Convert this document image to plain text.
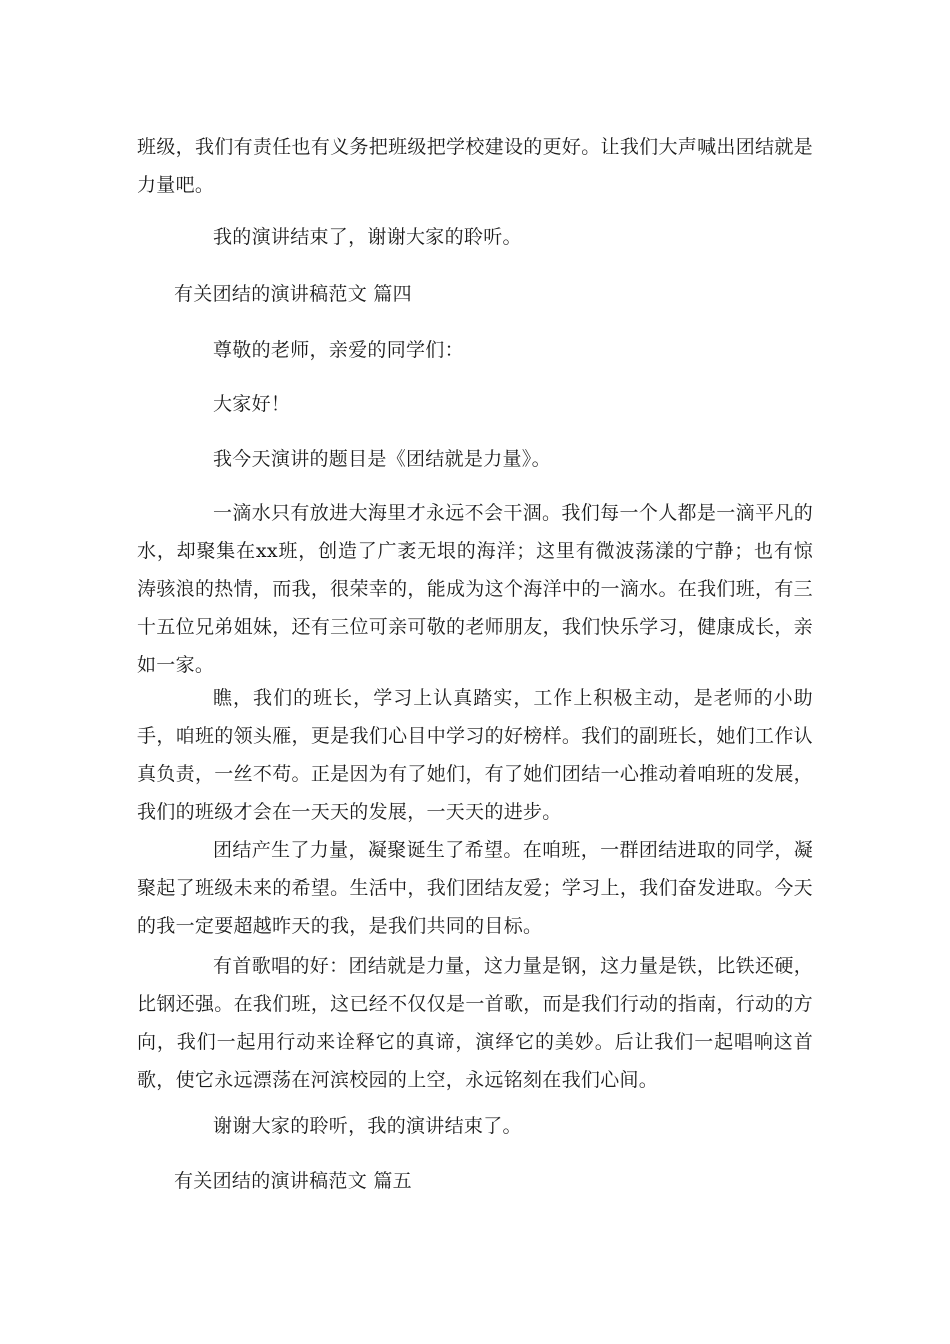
班级，我们有责任也有义务把班级把学校建设的更好。让我们大声喊出团结就是力量吧。

我的演讲结束了，谢谢大家的聆听。

有关团结的演讲稿范文 篇四

尊敬的老师，亲爱的同学们：

大家好！

我今天演讲的题目是《团结就是力量》。

一滴水只有放进大海里才永远不会干涸。我们每一个人都是一滴平凡的水，却聚集在xx班，创造了广袤无垠的海洋；这里有微波荡漾的宁静；也有惊涛骇浪的热情，而我，很荣幸的，能成为这个海洋中的一滴水。在我们班，有三十五位兄弟姐妹，还有三位可亲可敬的老师朋友，我们快乐学习，健康成长，亲如一家。

瞧，我们的班长，学习上认真踏实，工作上积极主动，是老师的小助手，咱班的领头雁，更是我们心目中学习的好榜样。我们的副班长，她们工作认真负责，一丝不苟。正是因为有了她们，有了她们团结一心推动着咱班的发展，我们的班级才会在一天天的发展，一天天的进步。

团结产生了力量，凝聚诞生了希望。在咱班，一群团结进取的同学，凝聚起了班级未来的希望。生活中，我们团结友爱；学习上，我们奋发进取。今天的我一定要超越昨天的我，是我们共同的目标。

有首歌唱的好：团结就是力量，这力量是钢，这力量是铁，比铁还硬，比钢还强。在我们班，这已经不仅仅是一首歌，而是我们行动的指南，行动的方向，我们一起用行动来诠释它的真谛，演绎它的美妙。后让我们一起唱响这首歌，使它永远漂荡在河滨校园的上空，永远铭刻在我们心间。

谢谢大家的聆听，我的演讲结束了。

有关团结的演讲稿范文 篇五
